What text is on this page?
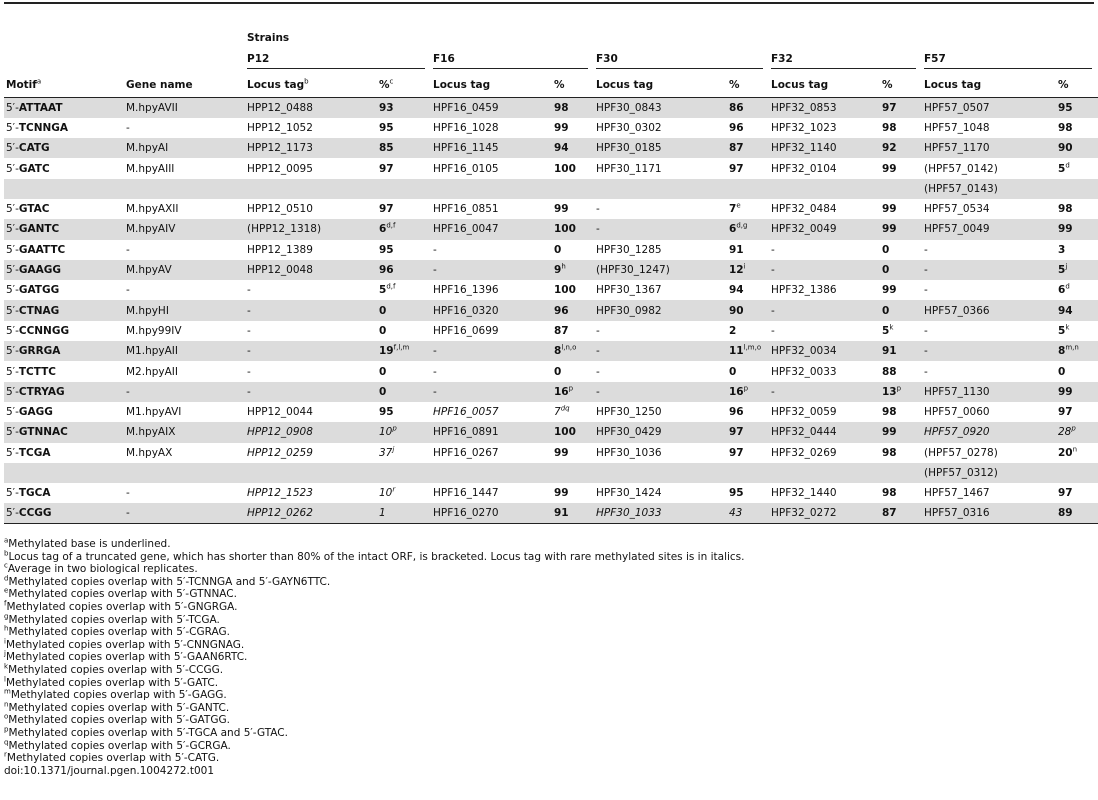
		Strains									

		P12		F16		F30		F32		F57	

Motif$^a$	Gene name	Locus tag$^b$	%$^c$	Locus tag	%	Locus tag	%	Locus tag	%	Locus tag	%
5′-ATTAAT	M.hpyAVII	HPP12_0488	93	HPF16_0459	98	HPF30_0843	86	HPF32_0853	97	HPF57_0507	95
5′-TCNNGA	-	HPP12_1052	95	HPF16_1028	99	HPF30_0302	96	HPF32_1023	98	HPF57_1048	98
5′-CATG	M.hpyAI	HPP12_1173	85	HPF16_1145	94	HPF30_0185	87	HPF32_1140	92	HPF57_1170	90
5′-GATC	M.hpyAIII	HPP12_0095	97	HPF16_0105	100	HPF30_1171	97	HPF32_0104	99	(HPF57_0142)	5$^d$
										(HPF57_0143)	
5′-GTAC	M.hpyAXII	HPP12_0510	97	HPF16_0851	99	-	7e	HPF32_0484	99	HPF57_0534	98
5′-GANTC	M.hpyAIV	(HPP12_1318)	6$^{d,f}$	HPF16_0047	100	-	6$^{d,g}$	HPF32_0049	99	HPF57_0049	99
5′-GAATTC	-	HPP12_1389	95	-	0	HPF30_1285	91	-	0	-	3
5′-GAAGG	M.hpyAV	HPP12_0048	96	-	9$^h$	(HPF30_1247)	12$^i$	-	0	-	5$^j$
5′-GATGG	-	-	5$^{d,f}$	HPF16_1396	100	HPF30_1367	94	HPF32_1386	99	-	6$^d$
5′-CTNAG	M.hpyHI	-	0	HPF16_0320	96	HPF30_0982	90	-	0	HPF57_0366	94
5′-CCNNGG	M.hpy99IV	-	0	HPF16_0699	87	-	2	-	5$^k$	-	5$^k$
5′-GRRGA	M1.hpyAII	-	19$^{f,l,m}$	-	8$^{l,n,o}$	-	11$^{l,m,o}$	HPF32_0034	91	-	8$^{m,n}$
5′-TCTTC	M2.hpyAII	-	0	-	0	-	0	HPF32_0033	88	-	0
5′-CTRYAG	-	-	0	-	16$^p$	-	16$^p$	-	13$^p$	HPF57_1130	99
5′-GAGG	M1.hpyAVI	HPP12_0044	95	HPF16_0057	$7^{dq}$	HPF30_1250	96	HPF32_0059	98	HPF57_0060	97
5′-GTNNAC	M.hpyAIX	HPP12_0908	10$^p$	HPF16_0891	100	HPF30_0429	97	HPF32_0444	99	HPF57_0920	28$^p$
5′-TCGA	M.hpyAX	HPP12_0259	37$^j$	HPF16_0267	99	HPF30_1036	97	HPF32_0269	98	(HPF57_0278)	20$^n$
										(HPF57_0312)	
5′-TGCA	-	HPP12_1523	10$^r$	HPF16_1447	99	HPF30_1424	95	HPF32_1440	98	HPF57_1467	97
5′-CCGG	-	HPP12_0262	1	HPF16_0270	91	HPF30_1033	43	HPF32_0272	87	HPF57_0316	89
$^a$Methylated base is underlined.
$^b$Locus tag of a truncated gene, which has shorter than 80% of the intact ORF, is bracketed. Locus tag with rare methylated sites is in italics.
$^c$Average in two biological replicates.
$^d$Methylated copies overlap with 5′-TCNNGA and 5′-GAYN6TTC.
$^e$Methylated copies overlap with 5′-GTNNAC.
$^f$Methylated copies overlap with 5′-GNGRGA.
$^g$Methylated copies overlap with 5′-TCGA.
$^h$Methylated copies overlap with 5′-CGRAG.
$^i$Methylated copies overlap with 5′-CNNGNAG.
$^j$Methylated copies overlap with 5′-GAAN6RTC.
$^k$Methylated copies overlap with 5′-CCGG.
$^l$Methylated copies overlap with 5′-GATC.
$^m$Methylated copies overlap with 5′-GAGG.
$^n$Methylated copies overlap with 5′-GANTC.
$^o$Methylated copies overlap with 5′-GATGG.
$^p$Methylated copies overlap with 5′-TGCA and 5′-GTAC.
$^q$Methylated copies overlap with 5′-GCRGA.
$^r$Methylated copies overlap with 5′-CATG.
doi:10.1371/journal.pgen.1004272.t001
